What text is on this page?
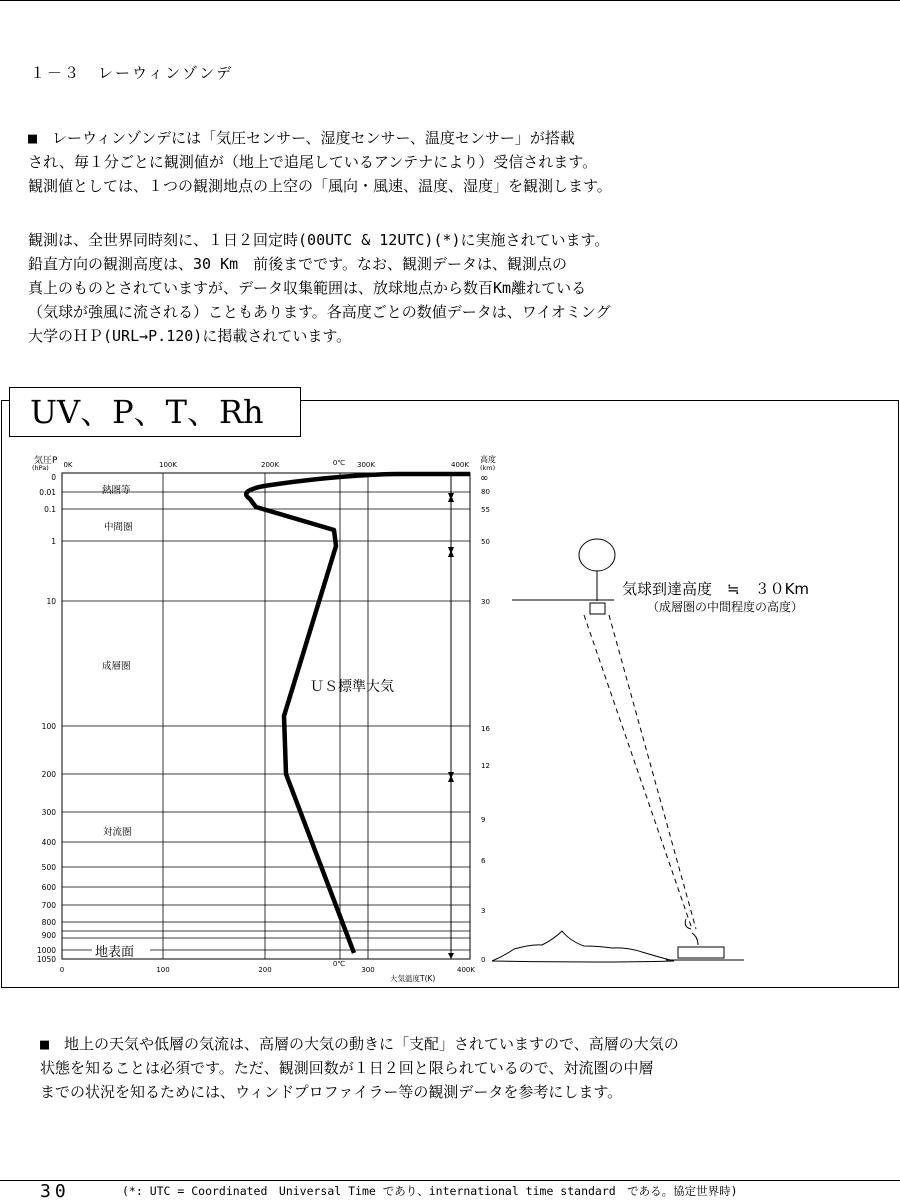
１－３　レーウィンゾンデ

■　レーウィンゾンデには「気圧センサー、湿度センサー、温度センサー」が搭載

され、毎１分ごとに観測値が（地上で追尾しているアンテナにより）受信されます。

観測値としては、１つの観測地点の上空の「風向・風速、温度、湿度」を観測します。

観測は、全世界同時刻に、１日２回定時(00UTC & 12UTC)(*)に実施されています。

鉛直方向の観測高度は、30 Km　前後までです。なお、観測データは、観測点の

真上のものとされていますが、データ収集範囲は、放球地点から数百Km離れている

（気球が強風に流される）こともあります。各高度ごとの数値データは、ワイオミング

大学のＨＰ(URL→P.120)に掲載されています。

0
0.01
0.1
1
10
100
200
300
400
500
600
700
800
900
1000
1050
気圧P
(hPa) 0K	100K	200K	300K	400K
0℃
0	100	200	300	400K
0℃
大気温度T(K)
高度
(km)
∞
80
55
50
30
16
12
9
6
3
0
熱圏等
中間圏
成層圏
対流圏
地表面
ＵＳ標準大気
気球到達高度　≒　３０Km
（成層圏の中間程度の高度）
UV、P、T、Rh

■　地上の天気や低層の気流は、高層の大気の動きに「支配」されていますので、高層の大気の

状態を知ることは必須です。ただ、観測回数が１日２回と限られているので、対流圏の中層

までの状況を知るためには、ウィンドプロファイラー等の観測データを参考にします。

30	(*: UTC = Coordinated　Universal Time であり、international time standard　である。協定世界時)
